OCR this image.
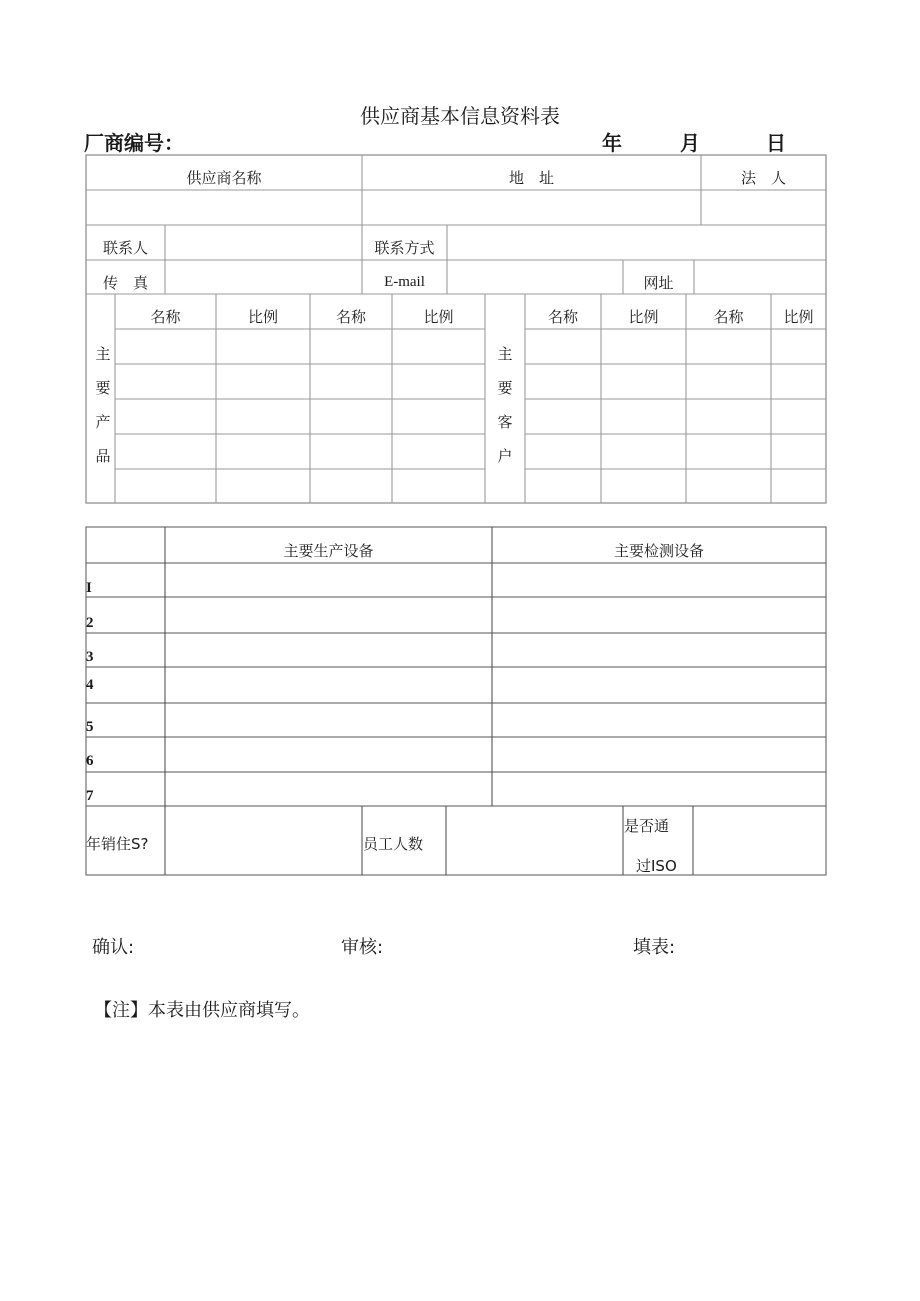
供应商基本信息资料表
厂商编号：	年	月	日
供应商名称	地　址	法　人
联系人	联系方式
传　真	E-mail	网址
名称	比例	名称	比例	名称	比例	名称	比例
主
要
产
品
主
要
客
户
主要生产设备	主要检测设备
I
2
3
4
5
6
7
年销住S?	员工人数
是否通
过ISO
确认:	审核:	填表:
【注】本表由供应商填写。
